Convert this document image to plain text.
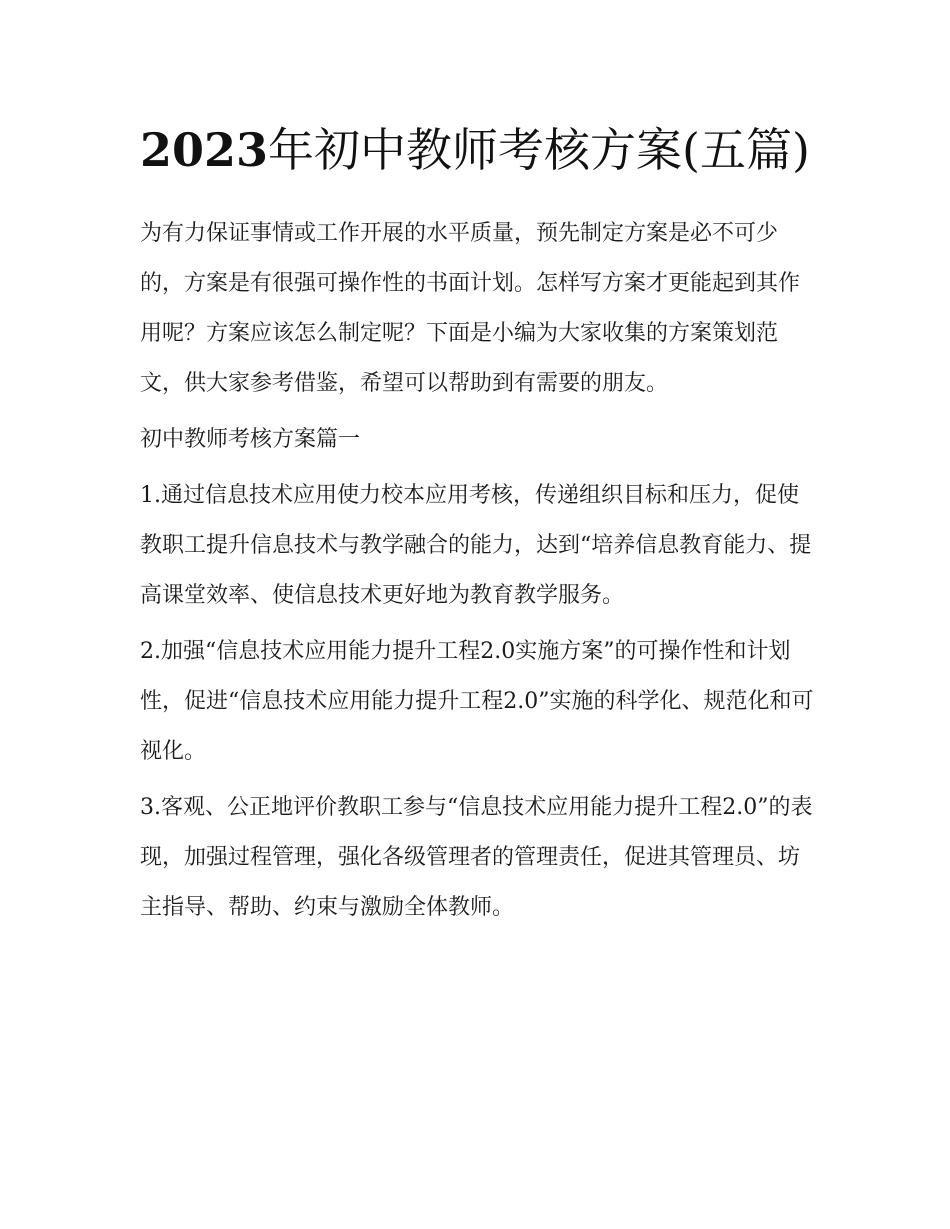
2023年初中教师考核方案(五篇)

为有力保证事情或工作开展的水平质量，预先制定方案是必不可少的，方案是有很强可操作性的书面计划。怎样写方案才更能起到其作用呢？方案应该怎么制定呢？下面是小编为大家收集的方案策划范文，供大家参考借鉴，希望可以帮助到有需要的朋友。

初中教师考核方案篇一

1.通过信息技术应用使力校本应用考核，传递组织目标和压力，促使教职工提升信息技术与教学融合的能力，达到“培养信息教育能力、提高课堂效率、使信息技术更好地为教育教学服务。

2.加强“信息技术应用能力提升工程2.0实施方案”的可操作性和计划性，促进“信息技术应用能力提升工程2.0”实施的科学化、规范化和可视化。

3.客观、公正地评价教职工参与“信息技术应用能力提升工程2.0”的表现，加强过程管理，强化各级管理者的管理责任，促进其管理员、坊主指导、帮助、约束与激励全体教师。
